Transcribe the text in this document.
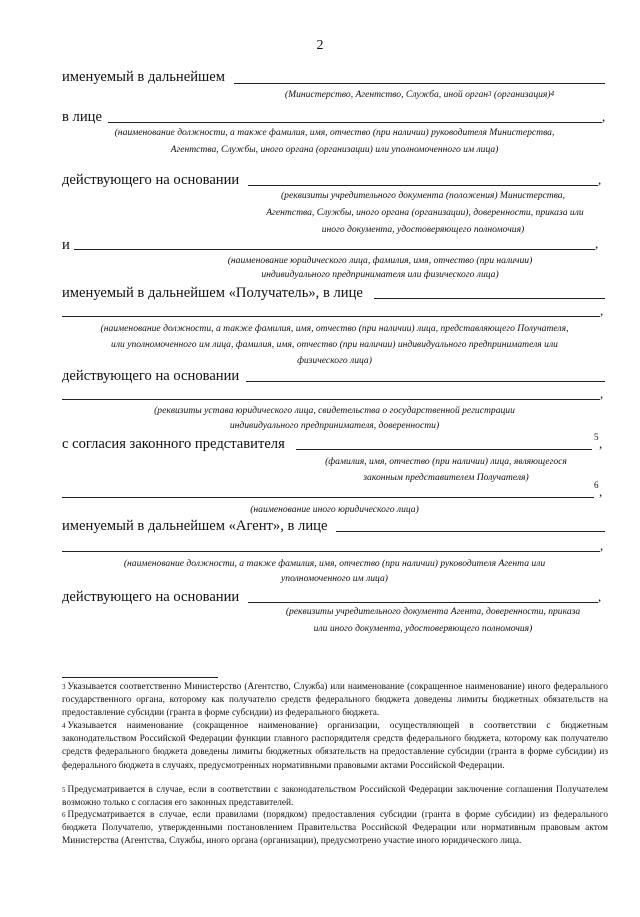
2
именуемый в дальнейшем
(Министерство, Агентство, Служба, иной орган$^3$ (организация)$^4$
в лице	,
(наименование должности, а также фамилия, имя, отчество (при наличии) руководителя Министерства,
Агентства, Службы, иного органа (организации) или уполномоченного им лица)
действующего на основании	,
(реквизиты учредительного документа (положения) Министерства,
Агентства, Службы, иного органа (организации), доверенности, приказа или
иного документа, удостоверяющего полномочия)
и	,
(наименование юридического лица, фамилия, имя, отчество (при наличии)
индивидуального предпринимателя или физического лица)
именуемый в дальнейшем «Получатель», в лице
,
(наименование должности, а также фамилия, имя, отчество (при наличии) лица, представляющего Получателя,
или уполномоченного им лица, фамилия, имя, отчество (при наличии) индивидуального предпринимателя или
физического лица)
действующего на основании
,
(реквизиты устава юридического лица, свидетельства о государственной регистрации
индивидуального предпринимателя, доверенности)
с согласия законного представителя	5 ,
(фамилия, имя, отчество (при наличии) лица, являющегося
законным представителем Получателя)
6 ,
(наименование иного юридического лица)
именуемый в дальнейшем «Агент», в лице
,
(наименование должности, а также фамилия, имя, отчество (при наличии) руководителя Агента или
уполномоченного им лица)
действующего на основании	,
(реквизиты учредительного документа Агента, доверенности, приказа
или иного документа, удостоверяющего полномочия)
$^3$ Указывается соответственно Министерство (Агентство, Служба) или наименование (сокращенное наименование) иного федерального государственного органа, которому как получателю средств федерального бюджета доведены лимиты бюджетных обязательств на предоставление субсидии (гранта в форме субсидии) из федерального бюджета.
$^4$ Указывается наименование (сокращенное наименование) организации, осуществляющей в соответствии с бюджетным законодательством Российской Федерации функции главного распорядителя средств федерального бюджета, которому как получателю средств федерального бюджета доведены лимиты бюджетных обязательств на предоставление субсидии (гранта в форме субсидии) из федерального бюджета в случаях, предусмотренных нормативными правовыми актами Российской Федерации.
$^5$ Предусматривается в случае, если в соответствии с законодательством Российской Федерации заключение соглашения Получателем возможно только с согласия его законных представителей.
$^6$ Предусматривается в случае, если правилами (порядком) предоставления субсидии (гранта в форме субсидии) из федерального бюджета Получателю, утвержденными постановлением Правительства Российской Федерации или нормативным правовым актом Министерства (Агентства, Службы, иного органа (организации), предусмотрено участие иного юридического лица.
